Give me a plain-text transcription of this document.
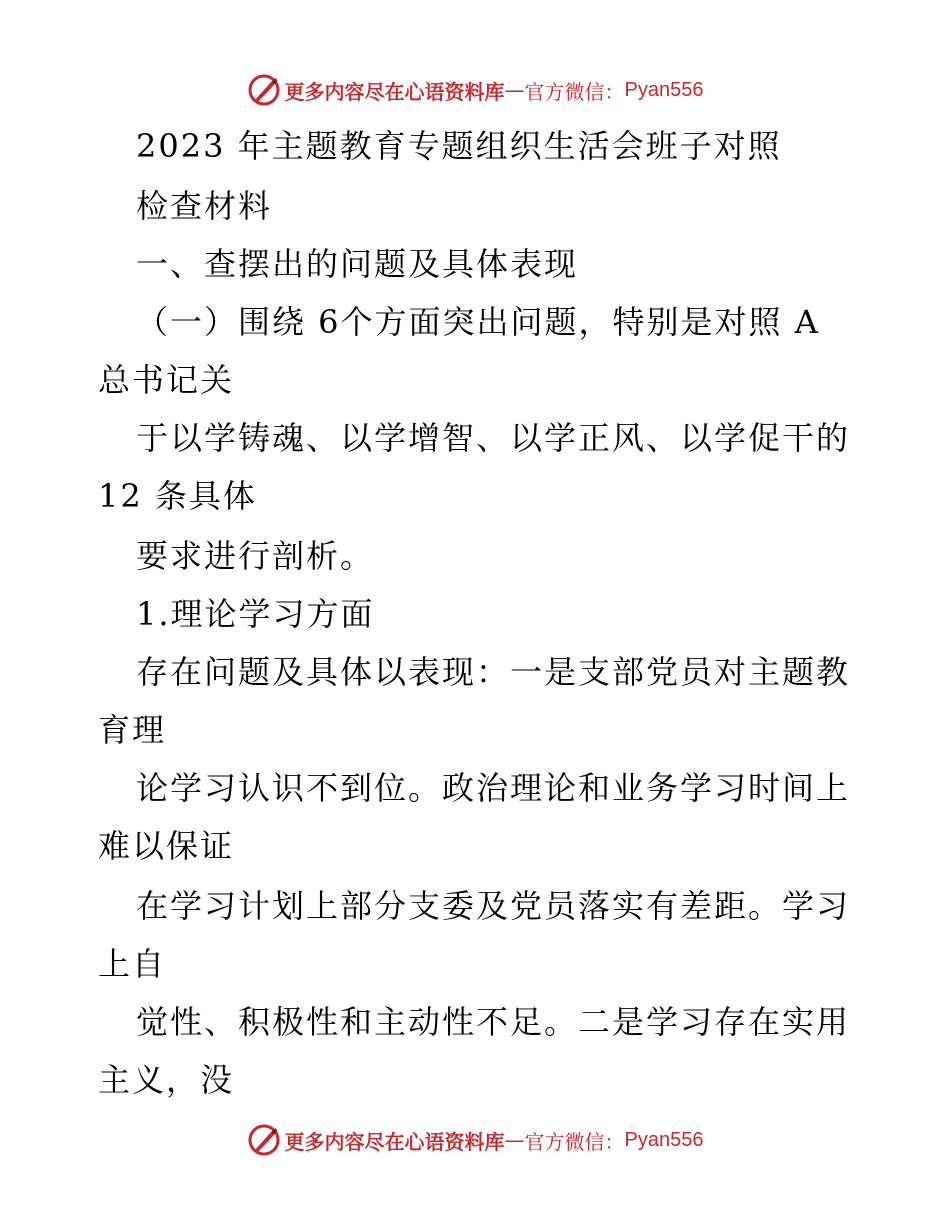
更多内容尽在心语资料库 — 官方微信： Pyan556
2023 年主题教育专题组织生活会班子对照
检查材料
一、查摆出的问题及具体表现
（一）围绕 6个方面突出问题，特别是对照 A
总书记关
于以学铸魂、以学增智、以学正风、以学促干的
12 条具体
要求进行剖析。
1.理论学习方面
存在问题及具体以表现：一是支部党员对主题教
育理
论学习认识不到位。政治理论和业务学习时间上
难以保证
在学习计划上部分支委及党员落实有差距。学习
上自
觉性、积极性和主动性不足。二是学习存在实用
主义，没
更多内容尽在心语资料库 — 官方微信： Pyan556
